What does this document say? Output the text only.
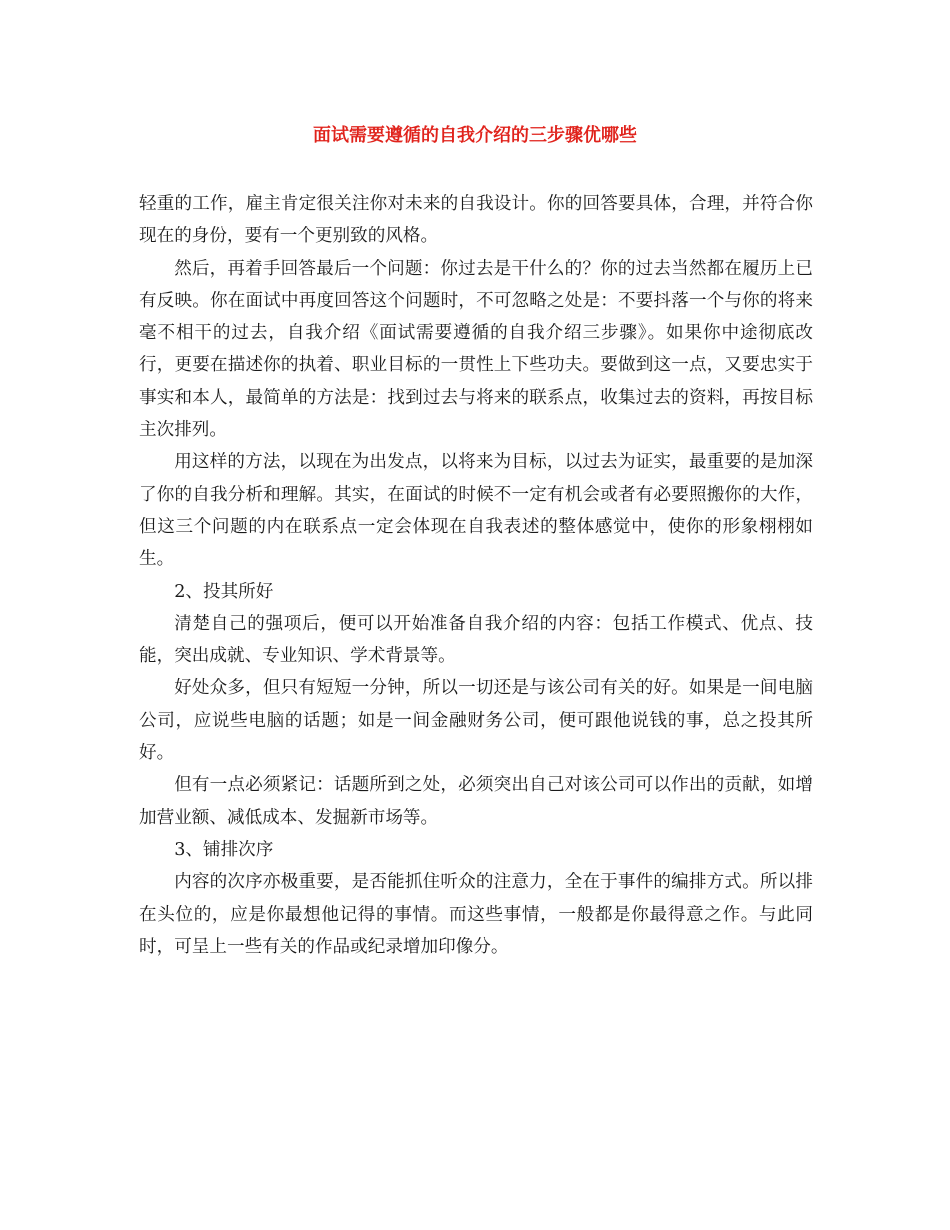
面试需要遵循的自我介绍的三步骤优哪些

轻重的工作，雇主肯定很关注你对未来的自我设计。你的回答要具体，合理，并符合你现在的身份，要有一个更别致的风格。

然后，再着手回答最后一个问题：你过去是干什么的？你的过去当然都在履历上已有反映。你在面试中再度回答这个问题时，不可忽略之处是：不要抖落一个与你的将来毫不相干的过去，自我介绍《面试需要遵循的自我介绍三步骤》。如果你中途彻底改行，更要在描述你的执着、职业目标的一贯性上下些功夫。要做到这一点，又要忠实于事实和本人，最简单的方法是：找到过去与将来的联系点，收集过去的资料，再按目标主次排列。

用这样的方法，以现在为出发点，以将来为目标，以过去为证实，最重要的是加深了你的自我分析和理解。其实，在面试的时候不一定有机会或者有必要照搬你的大作，但这三个问题的内在联系点一定会体现在自我表述的整体感觉中，使你的形象栩栩如生。

2、投其所好

清楚自己的强项后，便可以开始准备自我介绍的内容：包括工作模式、优点、技能，突出成就、专业知识、学术背景等。

好处众多，但只有短短一分钟，所以一切还是与该公司有关的好。如果是一间电脑公司，应说些电脑的话题；如是一间金融财务公司，便可跟他说钱的事，总之投其所好。

但有一点必须紧记：话题所到之处，必须突出自己对该公司可以作出的贡献，如增加营业额、减低成本、发掘新市场等。

3、铺排次序

内容的次序亦极重要，是否能抓住听众的注意力，全在于事件的编排方式。所以排在头位的，应是你最想他记得的事情。而这些事情，一般都是你最得意之作。与此同时，可呈上一些有关的作品或纪录增加印像分。
